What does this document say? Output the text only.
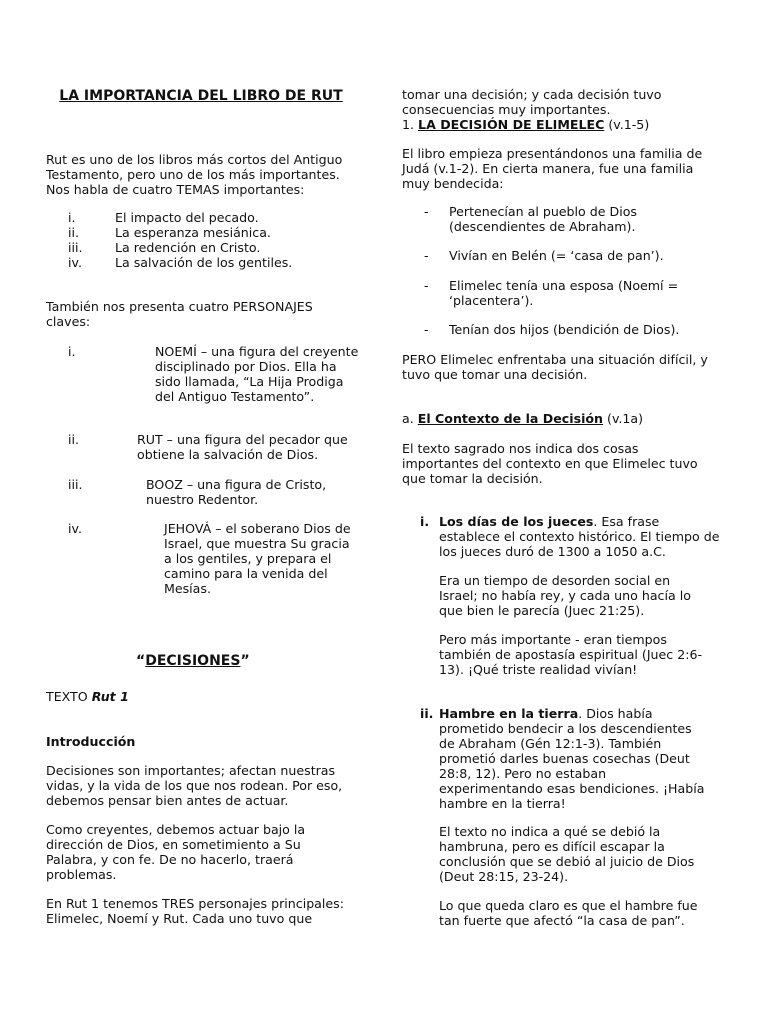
LA IMPORTANCIA DEL LIBRO DE RUT

Rut es uno de los libros más cortos del Antiguo Testamento, pero uno de los más importantes. Nos habla de cuatro TEMAS importantes:

i.	El impacto del pecado.
ii.	La esperanza mesiánica.
iii.	La redención en Cristo.
iv.	La salvación de los gentiles.

También nos presenta cuatro PERSONAJES claves:

i.	NOEMÍ – una figura del creyente disciplinado por Dios. Ella ha sido llamada, “La Hija Prodiga del Antiguo Testamento”.
ii.	RUT – una figura del pecador que obtiene la salvación de Dios.
iii.	BOOZ – una figura de Cristo, nuestro Redentor.
iv.	JEHOVÁ – el soberano Dios de Israel, que muestra Su gracia a los gentiles, y prepara el camino para la venida del Mesías.
“DECISIONES”

TEXTO Rut 1

Introducción

Decisiones son importantes; afectan nuestras vidas, y la vida de los que nos rodean. Por eso, debemos pensar bien antes de actuar.

Como creyentes, debemos actuar bajo la dirección de Dios, en sometimiento a Su Palabra, y con fe. De no hacerlo, traerá problemas.

En Rut 1 tenemos TRES personajes principales: Elimelec, Noemí y Rut. Cada uno tuvo que

tomar una decisión; y cada decisión tuvo consecuencias muy importantes.

1. LA DECISIÓN DE ELIMELEC (v.1-5)

El libro empieza presentándonos una familia de Judá (v.1-2). En cierta manera, fue una familia muy bendecida:

- Pertenecían al pueblo de Dios (descendientes de Abraham).
- Vivían en Belén (= ‘casa de pan’).
- Elimelec tenía una esposa (Noemí = ‘placentera’).
- Tenían dos hijos (bendición de Dios).

PERO Elimelec enfrentaba una situación difícil, y tuvo que tomar una decisión.

a. El Contexto de la Decisión (v.1a)

El texto sagrado nos indica dos cosas importantes del contexto en que Elimelec tuvo que tomar la decisión.

i. Los días de los jueces. Esa frase establece el contexto histórico. El tiempo de los jueces duró de 1300 a 1050 a.C.

Era un tiempo de desorden social en Israel; no había rey, y cada uno hacía lo que bien le parecía (Juec 21:25).

Pero más importante - eran tiempos también de apostasía espiritual (Juec 2:6-13). ¡Qué triste realidad vivían!

ii. Hambre en la tierra. Dios había prometido bendecir a los descendientes de Abraham (Gén 12:1-3). También prometió darles buenas cosechas (Deut 28:8, 12). Pero no estaban experimentando esas bendiciones. ¡Había hambre en la tierra!

El texto no indica a qué se debió la hambruna, pero es difícil escapar la conclusión que se debió al juicio de Dios (Deut 28:15, 23-24).

Lo que queda claro es que el hambre fue tan fuerte que afectó “la casa de pan”.
